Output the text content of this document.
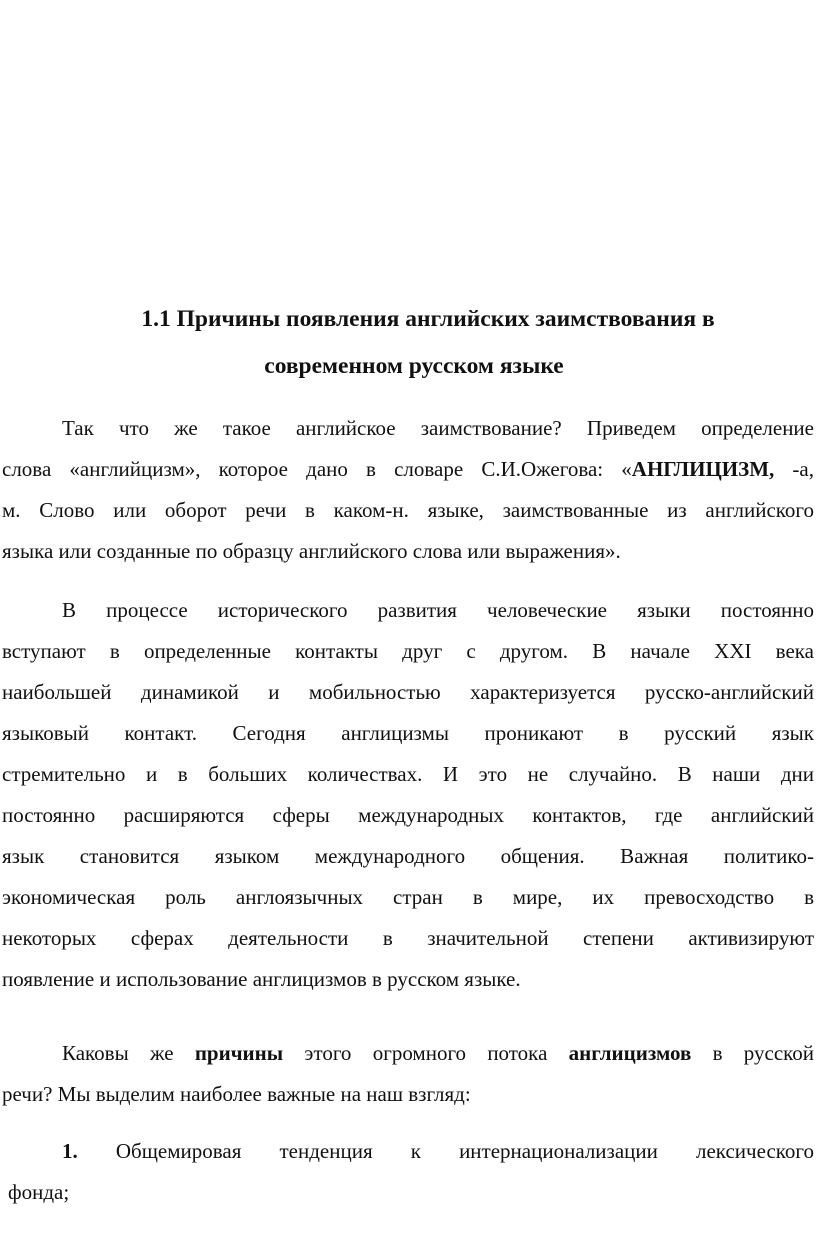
1.1 Причины появления английских заимствования в
современном русском языке
Так что же такое английское заимствование? Приведем определение
слова «английцизм», которое дано в словаре С.И.Ожегова: «АНГЛИЦИЗМ, -а,
м. Слово или оборот речи в каком-н. языке, заимствованные из английского
языка или созданные по образцу английского слова или выражения».
В процессе исторического развития человеческие языки постоянно
вступают в определенные контакты друг с другом. В начале XXI века
наибольшей динамикой и мобильностью характеризуется русско-английский
языковый контакт. Сегодня англицизмы проникают в русский язык
стремительно и в больших количествах. И это не случайно. В наши дни
постоянно расширяются сферы международных контактов, где английский
язык становится языком международного общения. Важная политико-
экономическая роль англоязычных стран в мире, их превосходство в
некоторых сферах деятельности в значительной степени активизируют
появление и использование англицизмов в русском языке.
Каковы же причины этого огромного потока англицизмов в русской
речи? Мы выделим наиболее важные на наш взгляд:
1. Общемировая тенденция к интернационализации лексического
фонда;
